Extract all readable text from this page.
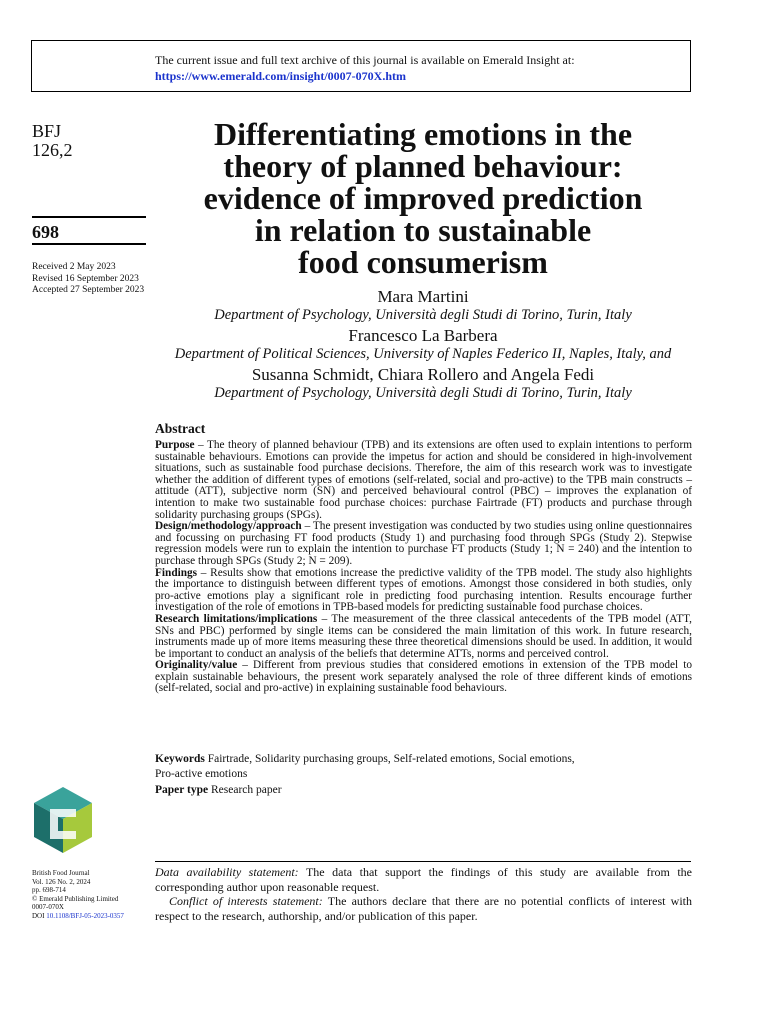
The current issue and full text archive of this journal is available on Emerald Insight at:
https://www.emerald.com/insight/0007-070X.htm
BFJ
126,2
698
Received 2 May 2023
Revised 16 September 2023
Accepted 27 September 2023
Differentiating emotions in the
theory of planned behaviour:
evidence of improved prediction
in relation to sustainable
food consumerism
Mara Martini
Department of Psychology, Università degli Studi di Torino, Turin, Italy
Francesco La Barbera
Department of Political Sciences, University of Naples Federico II, Naples, Italy, and
Susanna Schmidt, Chiara Rollero and Angela Fedi
Department of Psychology, Università degli Studi di Torino, Turin, Italy
Abstract

Purpose – The theory of planned behaviour (TPB) and its extensions are often used to explain intentions to perform sustainable behaviours. Emotions can provide the impetus for action and should be considered in high-involvement situations, such as sustainable food purchase decisions. Therefore, the aim of this research work was to investigate whether the addition of different types of emotions (self-related, social and pro-active) to the TPB main constructs – attitude (ATT), subjective norm (SN) and perceived behavioural control (PBC) – improves the explanation of intention to make two sustainable food purchase choices: purchase Fairtrade (FT) products and purchase through solidarity purchasing groups (SPGs).

Design/methodology/approach – The present investigation was conducted by two studies using online questionnaires and focussing on purchasing FT food products (Study 1) and purchasing food through SPGs (Study 2). Stepwise regression models were run to explain the intention to purchase FT products (Study 1; N = 240) and the intention to purchase through SPGs (Study 2; N = 209).

Findings – Results show that emotions increase the predictive validity of the TPB model. The study also highlights the importance to distinguish between different types of emotions. Amongst those considered in both studies, only pro-active emotions play a significant role in predicting food purchasing intention. Results encourage further investigation of the role of emotions in TPB-based models for predicting sustainable food purchase choices.

Research limitations/implications – The measurement of the three classical antecedents of the TPB model (ATT, SNs and PBC) performed by single items can be considered the main limitation of this work. In future research, instruments made up of more items measuring these three theoretical dimensions should be used. In addition, it would be important to conduct an analysis of the beliefs that determine ATTs, norms and perceived control.

Originality/value – Different from previous studies that considered emotions in extension of the TPB model to explain sustainable behaviours, the present work separately analysed the role of three different kinds of emotions (self-related, social and pro-active) in explaining sustainable food behaviours.

Keywords Fairtrade, Solidarity purchasing groups, Self-related emotions, Social emotions,
Pro-active emotions
Paper type Research paper
British Food Journal
Vol. 126 No. 2, 2024
pp. 698-714
© Emerald Publishing Limited
0007-070X
DOI 10.1108/BFJ-05-2023-0357

Data availability statement: The data that support the findings of this study are available from the corresponding author upon reasonable request.

Conflict of interests statement: The authors declare that there are no potential conflicts of interest with respect to the research, authorship, and/or publication of this paper.
